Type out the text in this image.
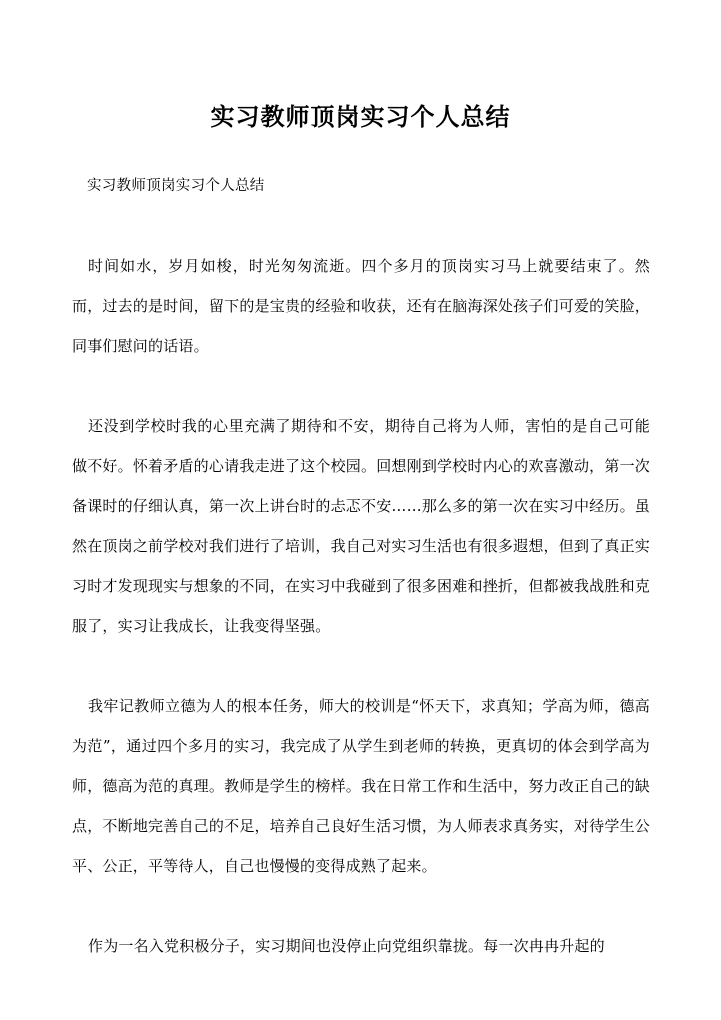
实习教师顶岗实习个人总结
实习教师顶岗实习个人总结

时间如水，岁月如梭，时光匆匆流逝。四个多月的顶岗实习马上就要结束了。然而，过去的是时间，留下的是宝贵的经验和收获，还有在脑海深处孩子们可爱的笑脸，同事们慰问的话语。

还没到学校时我的心里充满了期待和不安，期待自己将为人师，害怕的是自己可能做不好。怀着矛盾的心请我走进了这个校园。回想刚到学校时内心的欢喜激动，第一次备课时的仔细认真，第一次上讲台时的忐忑不安……那么多的第一次在实习中经历。虽然在顶岗之前学校对我们进行了培训，我自己对实习生活也有很多遐想，但到了真正实习时才发现现实与想象的不同，在实习中我碰到了很多困难和挫折，但都被我战胜和克服了，实习让我成长，让我变得坚强。

我牢记教师立德为人的根本任务，师大的校训是“怀天下，求真知；学高为师，德高为范”，通过四个多月的实习，我完成了从学生到老师的转换，更真切的体会到学高为师，德高为范的真理。教师是学生的榜样。我在日常工作和生活中，努力改正自己的缺点，不断地完善自己的不足，培养自己良好生活习惯，为人师表求真务实，对待学生公平、公正，平等待人，自己也慢慢的变得成熟了起来。

作为一名入党积极分子，实习期间也没停止向党组织靠拢。每一次冉冉升起的
